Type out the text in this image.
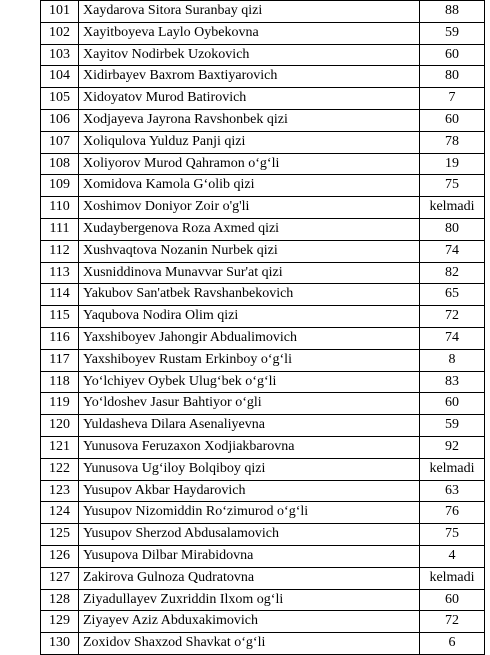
101	Xaydarova Sitora Suranbay qizi	88
102	Xayitboyeva Laylo Oybekovna	59
103	Xayitov Nodirbek Uzokovich	60
104	Xidirbayev Baxrom Baxtiyarovich	80
105	Xidoyatov Murod Batirovich	7
106	Xodjayeva Jayrona Ravshonbek qizi	60
107	Xoliqulova Yulduz Panji qizi	78
108	Xoliyorov Murod Qahramon o‘g‘li	19
109	Xomidova Kamola G‘olib qizi	75
110	Xoshimov Doniyor Zoir o'g'li	kelmadi
111	Xudaybergenova Roza Axmed qizi	80
112	Xushvaqtova Nozanin Nurbek qizi	74
113	Xusniddinova Munavvar Sur'at qizi	82
114	Yakubov San'atbek Ravshanbekovich	65
115	Yaqubova Nodira Olim qizi	72
116	Yaxshiboyev Jahongir Abdualimovich	74
117	Yaxshiboyev Rustam Erkinboy o‘g‘li	8
118	Yo‘lchiyev Oybek Ulug‘bek o‘g‘li	83
119	Yo‘ldoshev Jasur Bahtiyor o‘gli	60
120	Yuldasheva Dilara Asenaliyevna	59
121	Yunusova Feruzaxon Xodjiakbarovna	92
122	Yunusova Ug‘iloy Bolqiboy qizi	kelmadi
123	Yusupov Akbar Haydarovich	63
124	Yusupov Nizomiddin Ro‘zimurod o‘g‘li	76
125	Yusupov Sherzod Abdusalamovich	75
126	Yusupova Dilbar Mirabidovna	4
127	Zakirova Gulnoza Qudratovna	kelmadi
128	Ziyadullayev Zuxriddin Ilxom og‘li	60
129	Ziyayev Aziz Abduxakimovich	72
130	Zoxidov Shaxzod Shavkat o‘g‘li	6
